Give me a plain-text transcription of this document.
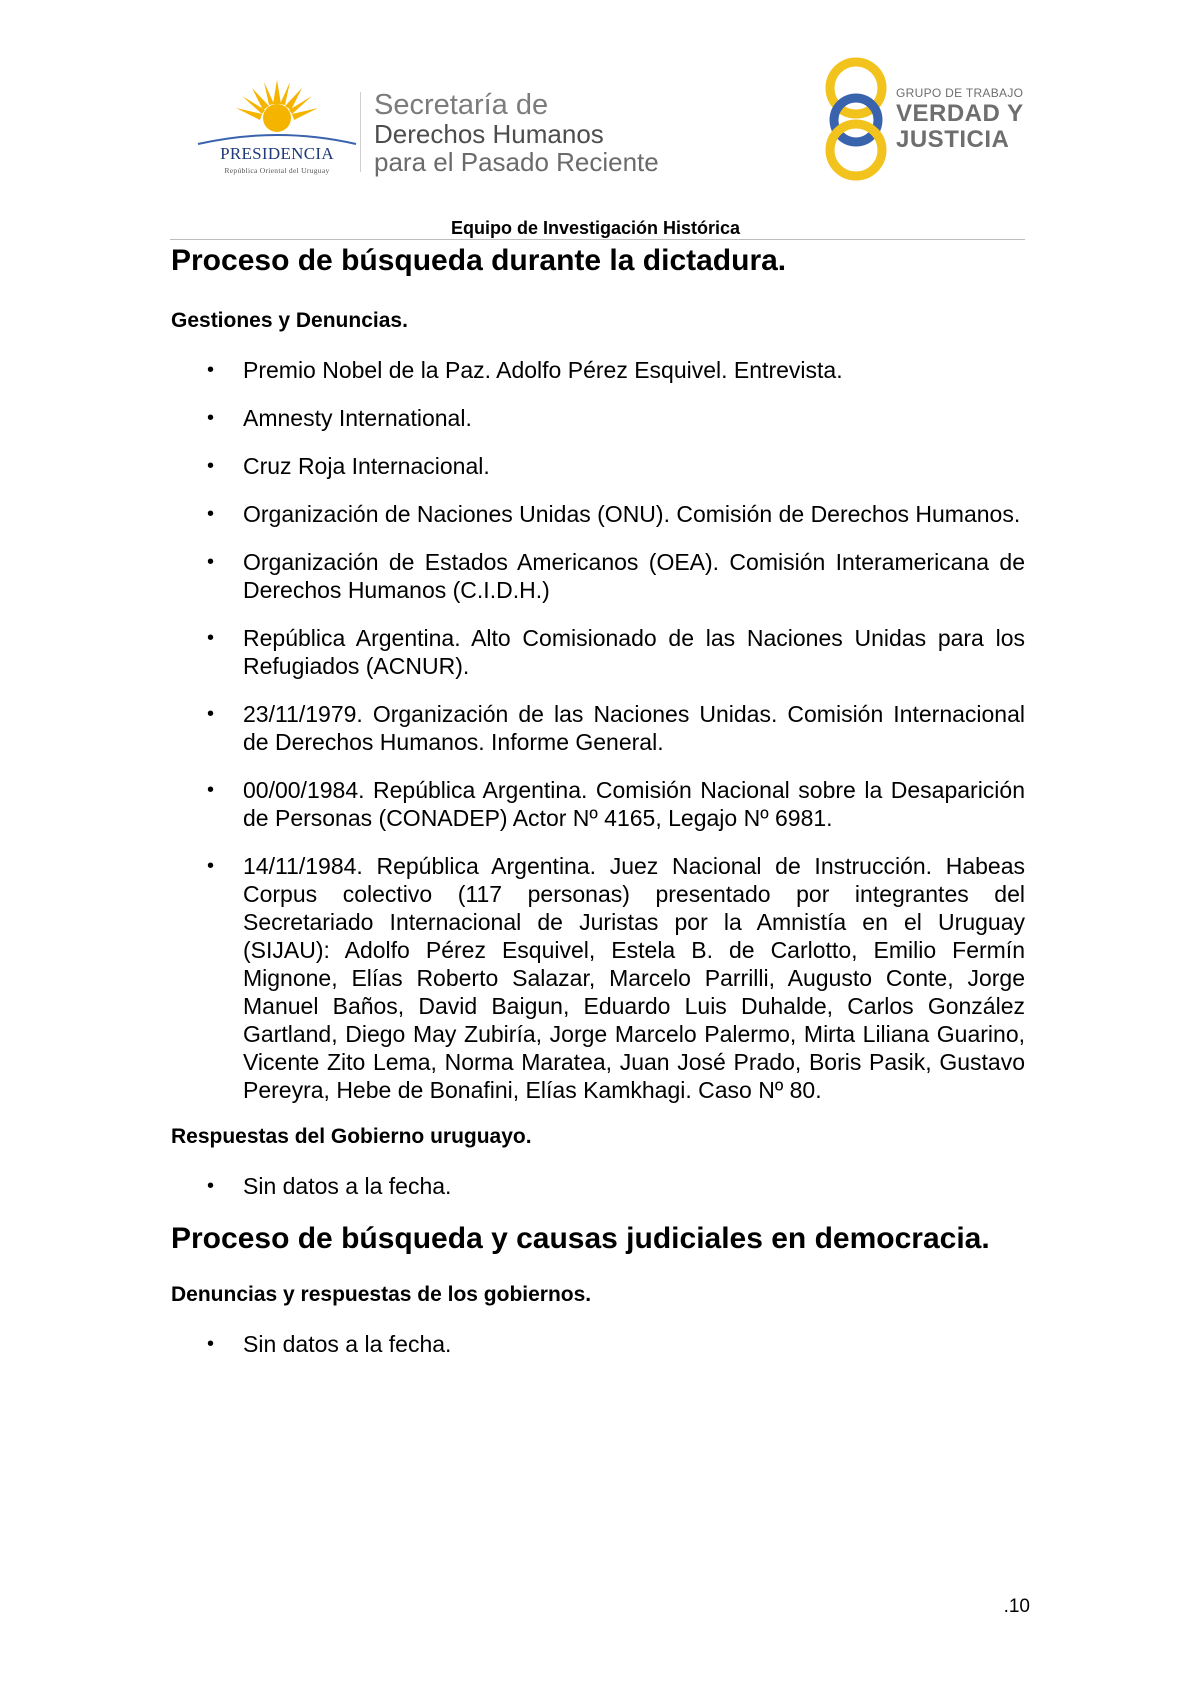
PRESIDENCIA
República Oriental del Uruguay
Secretaría de
Derechos Humanos
para el Pasado Reciente
GRUPO DE TRABAJO
VERDAD Y
JUSTICIA
Equipo de Investigación Histórica
Proceso de búsqueda durante la dictadura.
Gestiones y Denuncias.
• Premio Nobel de la Paz. Adolfo Pérez Esquivel. Entrevista.
• Amnesty International.
• Cruz Roja Internacional.
• Organización de Naciones Unidas (ONU). Comisión de Derechos Humanos.
• Organización de Estados Americanos (OEA). Comisión Interamericana de Derechos Humanos (C.I.D.H.)
• República Argentina. Alto Comisionado de las Naciones Unidas para los Refugiados (ACNUR).
• 23/11/1979. Organización de las Naciones Unidas. Comisión Internacional de Derechos Humanos. Informe General.
• 00/00/1984. República Argentina. Comisión Nacional sobre la Desaparición de Personas (CONADEP) Actor Nº 4165, Legajo Nº 6981.
• 14/11/1984. República Argentina. Juez Nacional de Instrucción. Habeas Corpus colectivo (117 personas) presentado por integrantes del Secretariado Internacional de Juristas por la Amnistía en el Uruguay (SIJAU): Adolfo Pérez Esquivel, Estela B. de Carlotto, Emilio Fermín Mignone, Elías Roberto Salazar, Marcelo Parrilli, Augusto Conte, Jorge Manuel Baños, David Baigun, Eduardo Luis Duhalde, Carlos González Gartland, Diego May Zubiría, Jorge Marcelo Palermo, Mirta Liliana Guarino, Vicente Zito Lema, Norma Maratea, Juan José Prado, Boris Pasik, Gustavo Pereyra, Hebe de Bonafini, Elías Kamkhagi. Caso Nº 80.
Respuestas del Gobierno uruguayo.
• Sin datos a la fecha.
Proceso de búsqueda y causas judiciales en democracia.
Denuncias y respuestas de los gobiernos.
• Sin datos a la fecha.
.10
